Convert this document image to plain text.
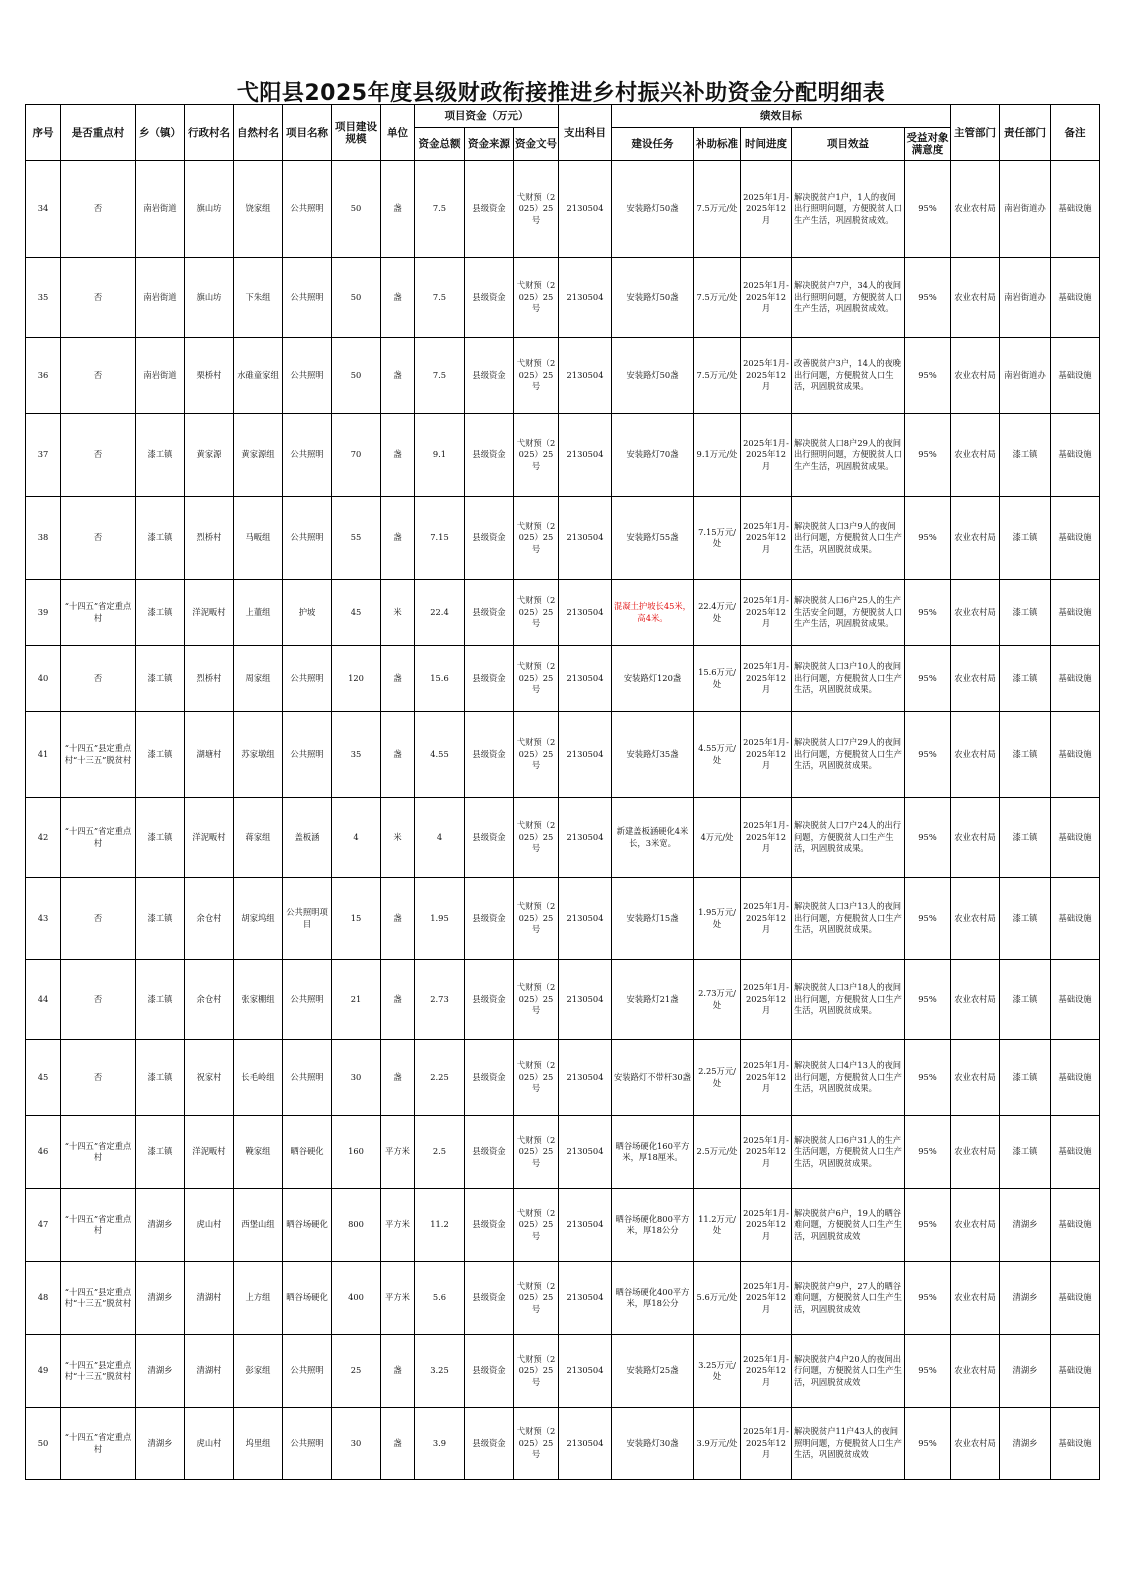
弋阳县2025年度县级财政衔接推进乡村振兴补助资金分配明细表
序号	是否重点村	乡（镇）	行政村名	自然村名	项目名称	项目建设规模	单位	项目资金（万元）			支出科目	绩效目标					主管部门	责任部门	备注
								资金总额	资金来源	资金文号		建设任务	补助标准	时间进度	项目效益	受益对象满意度			
34	否	南岩街道	旗山坊	饶家组	公共照明	50	盏	7.5	县级资金	弋财预（2025）25号	2130504	安装路灯50盏	7.5万元/处	2025年1月-2025年12月	解决脱贫户1户，1人的夜间出行照明问题，方便脱贫人口生产生活，巩固脱贫成效。	95%	农业农村局	南岩街道办	基础设施
35	否	南岩街道	旗山坊	下朱组	公共照明	50	盏	7.5	县级资金	弋财预（2025）25号	2130504	安装路灯50盏	7.5万元/处	2025年1月-2025年12月	解决脱贫户7户，34人的夜间出行照明问题，方便脱贫人口生产生活，巩固脱贫成效。	95%	农业农村局	南岩街道办	基础设施
36	否	南岩街道	栗桥村	水碓童家组	公共照明	50	盏	7.5	县级资金	弋财预（2025）25号	2130504	安装路灯50盏	7.5万元/处	2025年1月-2025年12月	改善脱贫户3户，14人的夜晚出行问题，方便脱贫人口生活，巩固脱贫成果。	95%	农业农村局	南岩街道办	基础设施
37	否	漆工镇	黄家源	黄家源组	公共照明	70	盏	9.1	县级资金	弋财预（2025）25号	2130504	安装路灯70盏	9.1万元/处	2025年1月-2025年12月	解决脱贫人口8户29人的夜间出行照明问题，方便脱贫人口生产生活，巩固脱贫成果。	95%	农业农村局	漆工镇	基础设施
38	否	漆工镇	烈桥村	马畈组	公共照明	55	盏	7.15	县级资金	弋财预（2025）25号	2130504	安装路灯55盏	7.15万元/处	2025年1月-2025年12月	解决脱贫人口3户9人的夜间出行问题，方便脱贫人口生产生活，巩固脱贫成果。	95%	农业农村局	漆工镇	基础设施
39	“十四五”省定重点村	漆工镇	洋泥畈村	上董组	护坡	45	米	22.4	县级资金	弋财预（2025）25号	2130504	混凝土护坡长45米，高4米。	22.4万元/处	2025年1月-2025年12月	解决脱贫人口6户25人的生产生活安全问题，方便脱贫人口生产生活，巩固脱贫成果。	95%	农业农村局	漆工镇	基础设施
40	否	漆工镇	烈桥村	周家组	公共照明	120	盏	15.6	县级资金	弋财预（2025）25号	2130504	安装路灯120盏	15.6万元/处	2025年1月-2025年12月	解决脱贫人口3户10人的夜间出行问题，方便脱贫人口生产生活，巩固脱贫成果。	95%	农业农村局	漆工镇	基础设施
41	“十四五”县定重点村“十三五”脱贫村	漆工镇	湖塘村	苏家墩组	公共照明	35	盏	4.55	县级资金	弋财预（2025）25号	2130504	安装路灯35盏	4.55万元/处	2025年1月-2025年12月	解决脱贫人口7户29人的夜间出行问题，方便脱贫人口生产生活，巩固脱贫成果。	95%	农业农村局	漆工镇	基础设施
42	“十四五”省定重点村	漆工镇	洋泥畈村	蒋家组	盖板涵	4	米	4	县级资金	弋财预（2025）25号	2130504	新建盖板涵硬化4米长，3米宽。	4万元/处	2025年1月-2025年12月	解决脱贫人口7户24人的出行问题，方便脱贫人口生产生活，巩固脱贫成果。	95%	农业农村局	漆工镇	基础设施
43	否	漆工镇	余仓村	胡家坞组	公共照明项目	15	盏	1.95	县级资金	弋财预（2025）25号	2130504	安装路灯15盏	1.95万元/处	2025年1月-2025年12月	解决脱贫人口3户13人的夜间出行问题，方便脱贫人口生产生活，巩固脱贫成果。	95%	农业农村局	漆工镇	基础设施
44	否	漆工镇	余仓村	张家棚组	公共照明	21	盏	2.73	县级资金	弋财预（2025）25号	2130504	安装路灯21盏	2.73万元/处	2025年1月-2025年12月	解决脱贫人口3户18人的夜间出行问题，方便脱贫人口生产生活，巩固脱贫成果。	95%	农业农村局	漆工镇	基础设施
45	否	漆工镇	祝家村	长毛岭组	公共照明	30	盏	2.25	县级资金	弋财预（2025）25号	2130504	安装路灯不带杆30盏	2.25万元/处	2025年1月-2025年12月	解决脱贫人口4户13人的夜间出行问题，方便脱贫人口生产生活，巩固脱贫成果。	95%	农业农村局	漆工镇	基础设施
46	“十四五”省定重点村	漆工镇	洋泥畈村	鞔家组	晒谷硬化	160	平方米	2.5	县级资金	弋财预（2025）25号	2130504	晒谷场硬化160平方米，厚18厘米。	2.5万元/处	2025年1月-2025年12月	解决脱贫人口6户31人的生产生活问题，方便脱贫人口生产生活，巩固脱贫成果。	95%	农业农村局	漆工镇	基础设施
47	“十四五”省定重点村	清湖乡	虎山村	西堡山组	晒谷场硬化	800	平方米	11.2	县级资金	弋财预（2025）25号	2130504	晒谷场硬化800平方米，厚18公分	11.2万元/处	2025年1月-2025年12月	解决脱贫户6户，19人的晒谷难问题，方便脱贫人口生产生活，巩固脱贫成效	95%	农业农村局	清湖乡	基础设施
48	“十四五”县定重点村“十三五”脱贫村	清湖乡	清湖村	上方组	晒谷场硬化	400	平方米	5.6	县级资金	弋财预（2025）25号	2130504	晒谷场硬化400平方米，厚18公分	5.6万元/处	2025年1月-2025年12月	解决脱贫户9户，27人的晒谷难问题，方便脱贫人口生产生活，巩固脱贫成效	95%	农业农村局	清湖乡	基础设施
49	“十四五”县定重点村“十三五”脱贫村	清湖乡	清湖村	彭家组	公共照明	25	盏	3.25	县级资金	弋财预（2025）25号	2130504	安装路灯25盏	3.25万元/处	2025年1月-2025年12月	解决脱贫户4户20人的夜间出行问题，方便脱贫人口生产生活，巩固脱贫成效	95%	农业农村局	清湖乡	基础设施
50	“十四五”省定重点村	清湖乡	虎山村	坞里组	公共照明	30	盏	3.9	县级资金	弋财预（2025）25号	2130504	安装路灯30盏	3.9万元/处	2025年1月-2025年12月	解决脱贫户11户43人的夜间照明问题，方便脱贫人口生产生活，巩固脱贫成效	95%	农业农村局	清湖乡	基础设施
